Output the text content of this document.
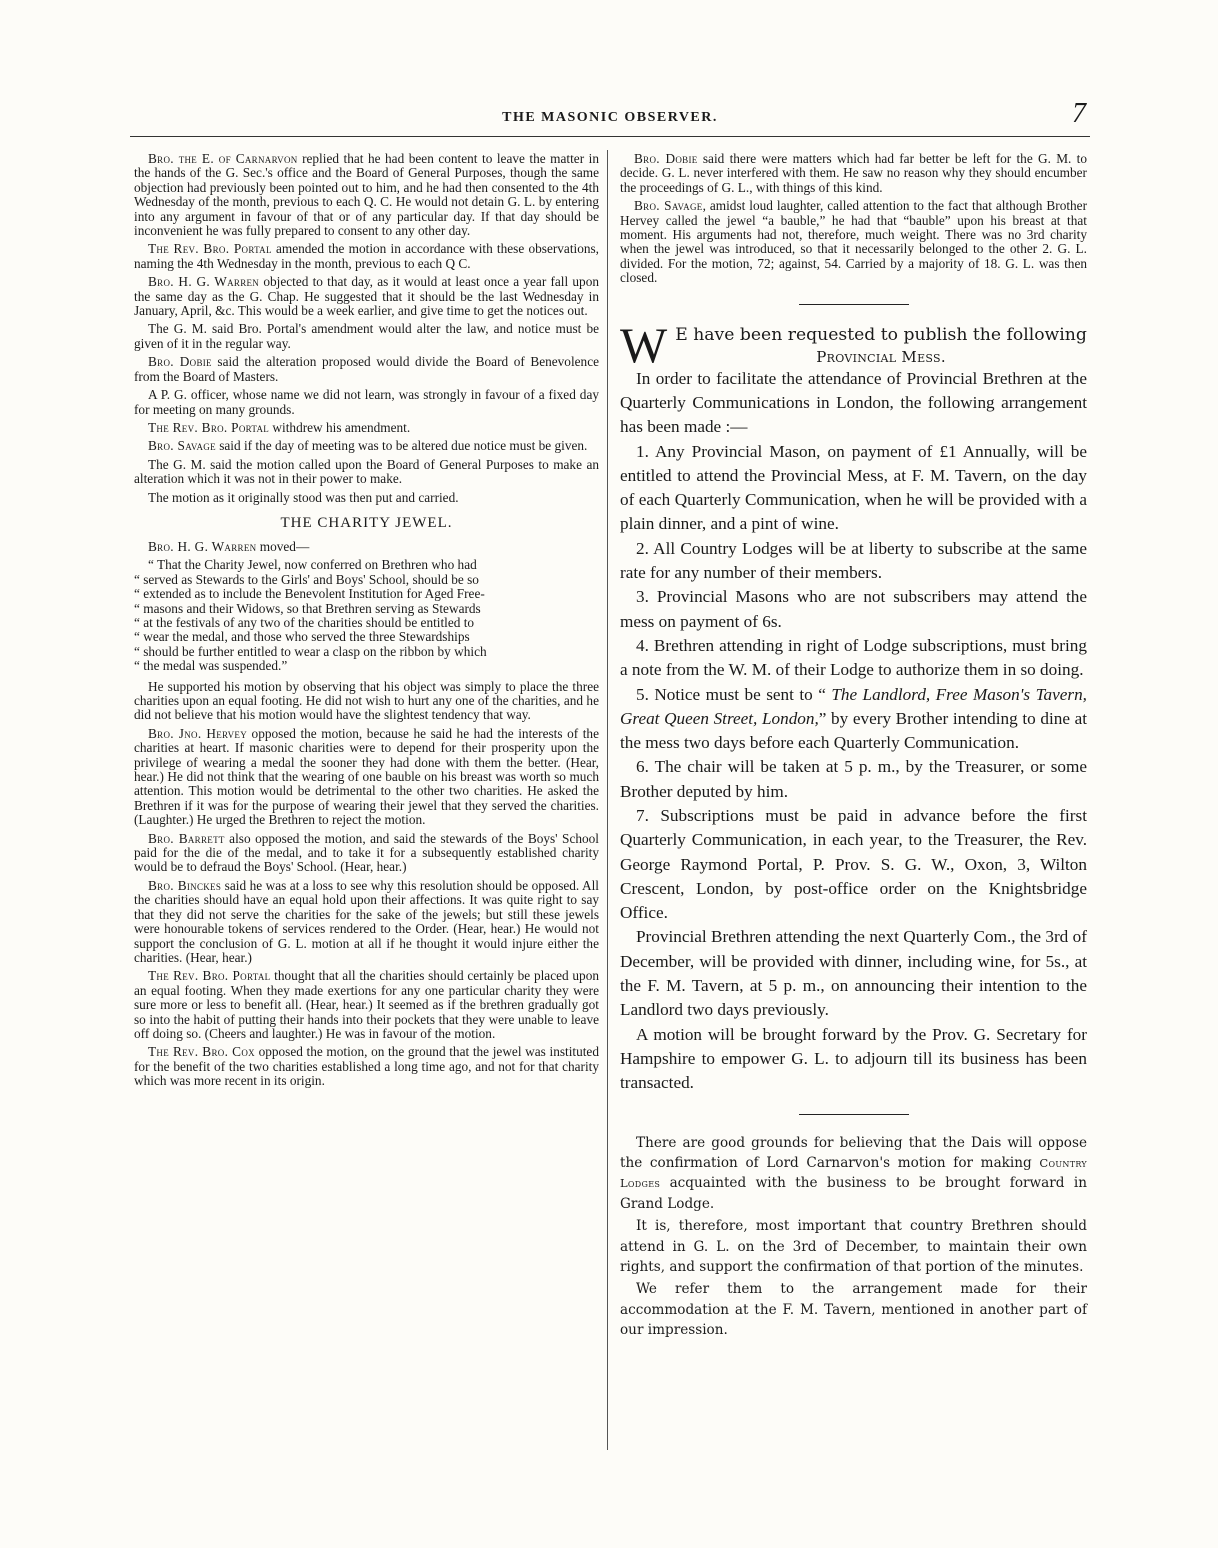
THE MASONIC OBSERVER.	7

Bro. the E. of Carnarvon replied that he had been content to leave the matter in the hands of the G. Sec.'s office and the Board of General Purposes, though the same objection had previously been pointed out to him, and he had then consented to the 4th Wednesday of the month, previous to each Q. C. He would not detain G. L. by entering into any argument in favour of that or of any particular day. If that day should be inconvenient he was fully prepared to consent to any other day.

The Rev. Bro. Portal amended the motion in accordance with these observations, naming the 4th Wednesday in the month, previous to each Q C.

Bro. H. G. Warren objected to that day, as it would at least once a year fall upon the same day as the G. Chap. He suggested that it should be the last Wednesday in January, April, &c. This would be a week earlier, and give time to get the notices out.

The G. M. said Bro. Portal's amendment would alter the law, and notice must be given of it in the regular way.

Bro. Dobie said the alteration proposed would divide the Board of Benevolence from the Board of Masters.

A P. G. officer, whose name we did not learn, was strongly in favour of a fixed day for meeting on many grounds.

The Rev. Bro. Portal withdrew his amendment.

Bro. Savage said if the day of meeting was to be altered due notice must be given.

The G. M. said the motion called upon the Board of General Purposes to make an alteration which it was not in their power to make.

The motion as it originally stood was then put and carried.

THE CHARITY JEWEL.

Bro. H. G. Warren moved—

“ That the Charity Jewel, now conferred on Brethren who had

“ served as Stewards to the Girls' and Boys' School, should be so

“ extended as to include the Benevolent Institution for Aged Free-

“ masons and their Widows, so that Brethren serving as Stewards

“ at the festivals of any two of the charities should be entitled to

“ wear the medal, and those who served the three Stewardships

“ should be further entitled to wear a clasp on the ribbon by which

“ the medal was suspended.”

He supported his motion by observing that his object was simply to place the three charities upon an equal footing. He did not wish to hurt any one of the charities, and he did not believe that his motion would have the slightest tendency that way.

Bro. Jno. Hervey opposed the motion, because he said he had the interests of the charities at heart. If masonic charities were to depend for their prosperity upon the privilege of wearing a medal the sooner they had done with them the better. (Hear, hear.) He did not think that the wearing of one bauble on his breast was worth so much attention. This motion would be detrimental to the other two charities. He asked the Brethren if it was for the purpose of wearing their jewel that they served the charities. (Laughter.) He urged the Brethren to reject the motion.

Bro. Barrett also opposed the motion, and said the stewards of the Boys' School paid for the die of the medal, and to take it for a subsequently established charity would be to defraud the Boys' School. (Hear, hear.)

Bro. Binckes said he was at a loss to see why this resolution should be opposed. All the charities should have an equal hold upon their affections. It was quite right to say that they did not serve the charities for the sake of the jewels; but still these jewels were honourable tokens of services rendered to the Order. (Hear, hear.) He would not support the conclusion of G. L. motion at all if he thought it would injure either the charities. (Hear, hear.)

The Rev. Bro. Portal thought that all the charities should certainly be placed upon an equal footing. When they made exertions for any one particular charity they were sure more or less to benefit all. (Hear, hear.) It seemed as if the brethren gradually got so into the habit of putting their hands into their pockets that they were unable to leave off doing so. (Cheers and laughter.) He was in favour of the motion.

The Rev. Bro. Cox opposed the motion, on the ground that the jewel was instituted for the benefit of the two charities established a long time ago, and not for that charity which was more recent in its origin.

Bro. Dobie said there were matters which had far better be left for the G. M. to decide. G. L. never interfered with them. He saw no reason why they should encumber the proceedings of G. L., with things of this kind.

Bro. Savage, amidst loud laughter, called attention to the fact that although Brother Hervey called the jewel “a bauble,” he had that “bauble” upon his breast at that moment. His arguments had not, therefore, much weight. There was no 3rd charity when the jewel was introduced, so that it necessarily belonged to the other 2. G. L. divided. For the motion, 72; against, 54. Carried by a majority of 18. G. L. was then closed.

W E have been requested to publish the following
Provincial Mess.

In order to facilitate the attendance of Provincial Brethren at the Quarterly Communications in London, the following arrangement has been made :—

1. Any Provincial Mason, on payment of £1 Annually, will be entitled to attend the Provincial Mess, at F. M. Tavern, on the day of each Quarterly Communication, when he will be provided with a plain dinner, and a pint of wine.

2. All Country Lodges will be at liberty to subscribe at the same rate for any number of their members.

3. Provincial Masons who are not subscribers may attend the mess on payment of 6s.

4. Brethren attending in right of Lodge subscriptions, must bring a note from the W. M. of their Lodge to authorize them in so doing.

5. Notice must be sent to “ The Landlord, Free Mason's Tavern, Great Queen Street, London,” by every Brother intending to dine at the mess two days before each Quarterly Communication.

6. The chair will be taken at 5 p. m., by the Treasurer, or some Brother deputed by him.

7. Subscriptions must be paid in advance before the first Quarterly Communication, in each year, to the Treasurer, the Rev. George Raymond Portal, P. Prov. S. G. W., Oxon, 3, Wilton Crescent, London, by post-office order on the Knightsbridge Office.

Provincial Brethren attending the next Quarterly Com., the 3rd of December, will be provided with dinner, including wine, for 5s., at the F. M. Tavern, at 5 p. m., on announcing their intention to the Landlord two days previously.

A motion will be brought forward by the Prov. G. Secretary for Hampshire to empower G. L. to adjourn till its business has been transacted.

There are good grounds for believing that the Dais will oppose the confirmation of Lord Carnarvon's motion for making Country Lodges acquainted with the business to be brought forward in Grand Lodge.

It is, therefore, most important that country Brethren should attend in G. L. on the 3rd of December, to maintain their own rights, and support the confirmation of that portion of the minutes.

We refer them to the arrangement made for their accommodation at the F. M. Tavern, mentioned in another part of our impression.
